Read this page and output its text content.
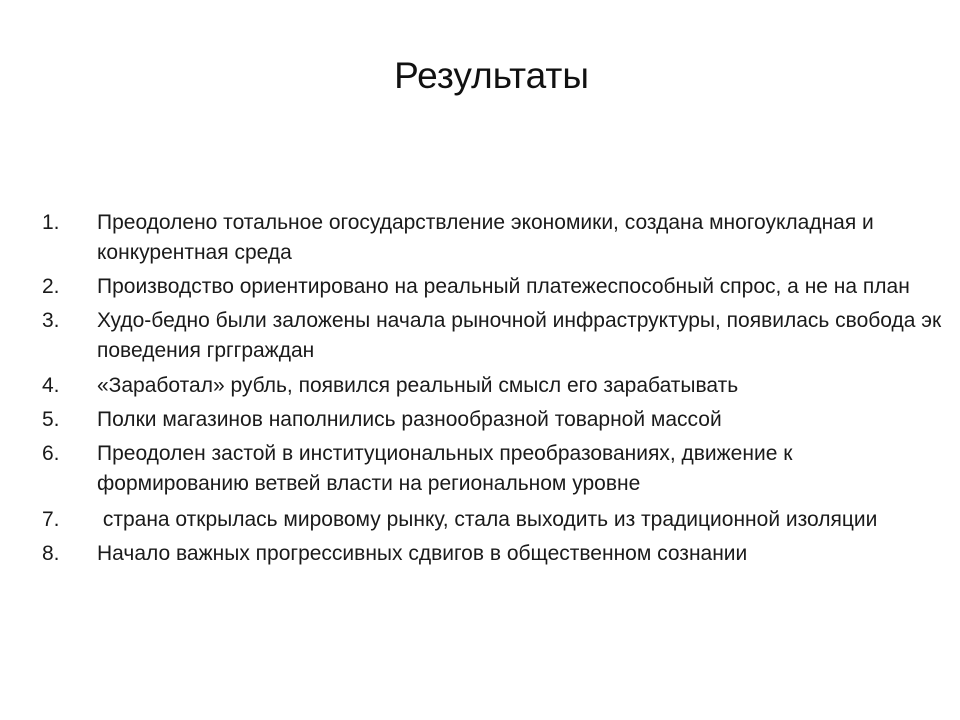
Результаты
1.	Преодолено тотальное огосударствление экономики, создана многоукладная и конкурентная среда
2.	Производство ориентировано на реальный платежеспособный спрос, а не на план
3.	Худо-бедно были заложены начала рыночной инфраструктуры, появилась свобода эк поведения гргграждан
4.	«Заработал» рубль, появился реальный смысл его зарабатывать
5.	Полки магазинов наполнились разнообразной товарной массой
6.	Преодолен застой в институциональных преобразованиях, движение к формированию ветвей власти на региональном уровне
7.	страна открылась мировому рынку, стала выходить из традиционной изоляции
8.	Начало важных прогрессивных сдвигов в общественном сознании
